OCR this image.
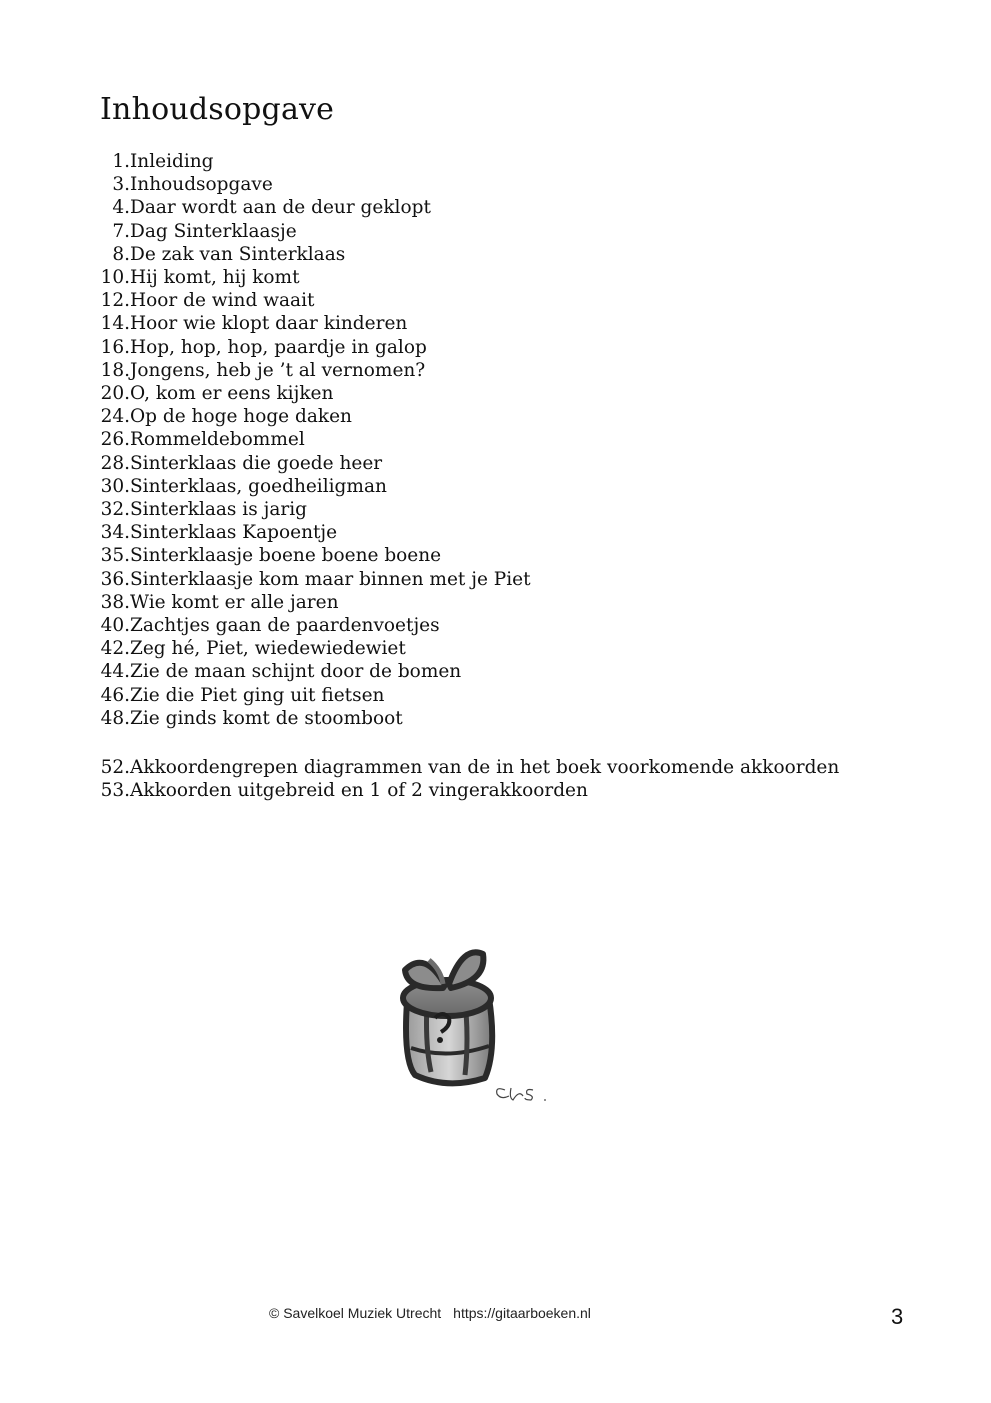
Inhoudsopgave
1. Inleiding
3. Inhoudsopgave
4. Daar wordt aan de deur geklopt
7. Dag Sinterklaasje
8. De zak van Sinterklaas
10. Hij komt, hij komt
12. Hoor de wind waait
14. Hoor wie klopt daar kinderen
16. Hop, hop, hop, paardje in galop
18. Jongens, heb je ’t al vernomen?
20. O, kom er eens kijken
24. Op de hoge hoge daken
26. Rommeldebommel
28. Sinterklaas die goede heer
30. Sinterklaas, goedheiligman
32. Sinterklaas is jarig
34. Sinterklaas Kapoentje
35. Sinterklaasje boene boene boene
36. Sinterklaasje kom maar binnen met je Piet
38. Wie komt er alle jaren
40. Zachtjes gaan de paardenvoetjes
42. Zeg hé, Piet, wiedewiedewiet
44. Zie de maan schijnt door de bomen
46. Zie die Piet ging uit fietsen
48. Zie ginds komt de stoomboot
52. Akkoordengrepen diagrammen van de in het boek voorkomende akkoorden
53. Akkoorden uitgebreid en 1 of 2 vingerakkoorden
© Savelkoel Muziek Utrecht https://gitaarboeken.nl	3
